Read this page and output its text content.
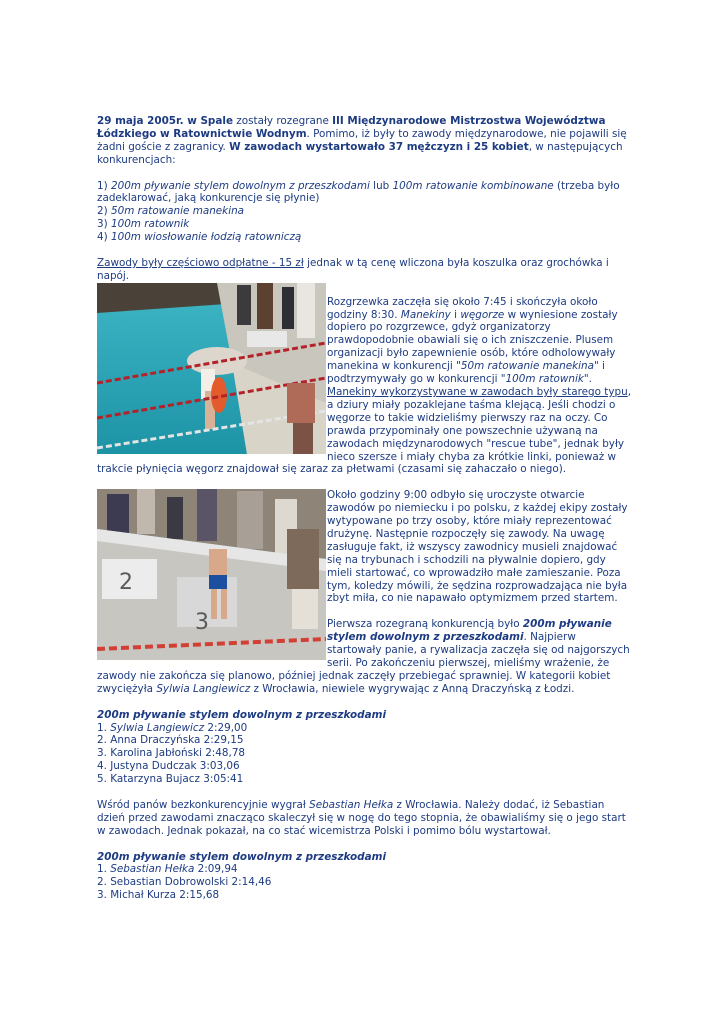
29 maja 2005r. w Spale zostały rozegrane III Międzynarodowe Mistrzostwa Województwa Łódzkiego w Ratownictwie Wodnym. Pomimo, iż były to zawody międzynarodowe, nie pojawili się żadni goście z zagranicy. W zawodach wystartowało 37 mężczyzn i 25 kobiet, w następujących konkurencjach:

1) 200m pływanie stylem dowolnym z przeszkodami lub 100m ratowanie kombinowane (trzeba było zadeklarować, jaką konkurencje się płynie)

2) 50m ratowanie manekina

3) 100m ratownik

4) 100m wiosłowanie łodzią ratowniczą

Zawody były częściowo odpłatne - 15 zł jednak w tą cenę wliczona była koszulka oraz grochówka i napój.

Rozgrzewka zaczęła się około 7:45 i skończyła około godziny 8:30. Manekiny i węgorze w wyniesione zostały dopiero po rozgrzewce, gdyż organizatorzy prawdopodobnie obawiali się o ich zniszczenie. Plusem organizacji było zapewnienie osób, które odholowywały manekina w konkurencji "50m ratowanie manekina" i podtrzymywały go w konkurencji "100m ratownik". Manekiny wykorzystywane w zawodach były starego typu, a dziury miały pozaklejane taśma klejącą. Jeśli chodzi o węgorze to takie widzieliśmy pierwszy raz na oczy. Co prawda przypominały one powszechnie używaną na zawodach międzynarodowych "rescue tube", jednak były nieco szersze i miały chyba za krótkie linki, ponieważ w trakcie płynięcia węgorz znajdował się zaraz za płetwami (czasami się zahaczało o niego).

2
3

Około godziny 9:00 odbyło się uroczyste otwarcie zawodów po niemiecku i po polsku, z każdej ekipy zostały wytypowane po trzy osoby, które miały reprezentować drużynę. Następnie rozpoczęły się zawody. Na uwagę zasługuje fakt, iż wszyscy zawodnicy musieli znajdować się na trybunach i schodzili na pływalnie dopiero, gdy mieli startować, co wprowadziło małe zamieszanie. Poza tym, koledzy mówili, że sędzina rozprowadzająca nie była zbyt miła, co nie napawało optymizmem przed startem.

Pierwsza rozegraną konkurencją było 200m pływanie stylem dowolnym z przeszkodami. Najpierw startowały panie, a rywalizacja zaczęła się od najgorszych serii. Po zakończeniu pierwszej, mieliśmy wrażenie, że zawody nie zakończa się planowo, później jednak zaczęły przebiegać sprawniej. W kategorii kobiet zwyciężyła Sylwia Langiewicz z Wrocławia, niewiele wygrywając z Anną Draczyńską z Łodzi.

200m pływanie stylem dowolnym z przeszkodami

1. Sylwia Langiewicz 2:29,00

2. Anna Draczyńska 2:29,15

3. Karolina Jabłoński 2:48,78

4. Justyna Dudczak 3:03,06

5. Katarzyna Bujacz 3:05:41

Wśród panów bezkonkurencyjnie wygrał Sebastian Hełka z Wrocławia. Należy dodać, iż Sebastian dzień przed zawodami znacząco skaleczył się w nogę do tego stopnia, że obawialiśmy się o jego start w zawodach. Jednak pokazał, na co stać wicemistrza Polski i pomimo bólu wystartował.

200m pływanie stylem dowolnym z przeszkodami

1. Sebastian Hełka 2:09,94

2. Sebastian Dobrowolski 2:14,46

3. Michał Kurza 2:15,68
